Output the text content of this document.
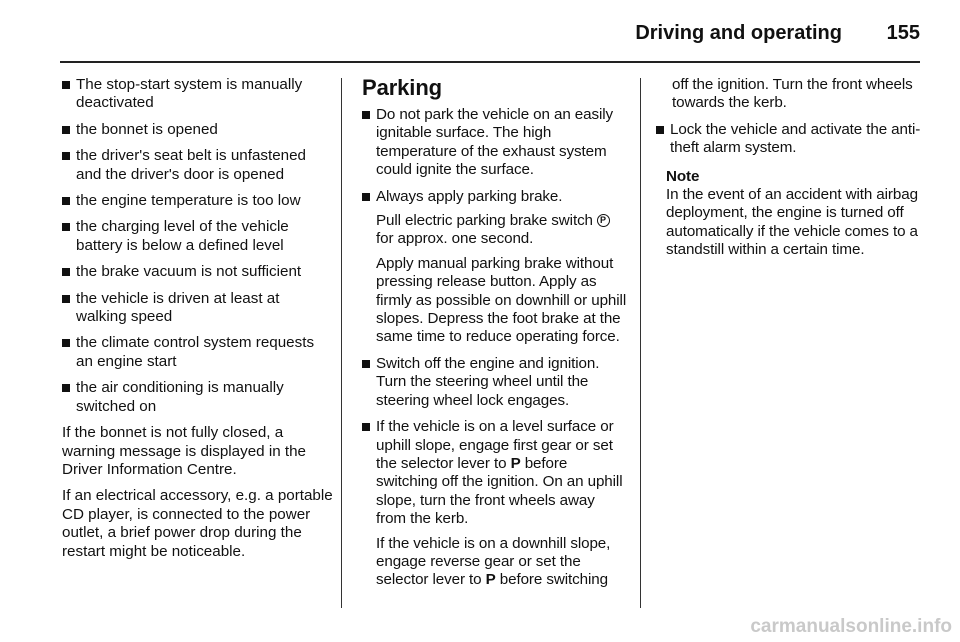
Driving and operating	155
The stop-start system is manually deactivated
the bonnet is opened
the driver's seat belt is unfastened and the driver's door is opened
the engine temperature is too low
the charging level of the vehicle battery is below a defined level
the brake vacuum is not sufficient
the vehicle is driven at least at walking speed
the climate control system requests an engine start
the air conditioning is manually switched on

If the bonnet is not fully closed, a warning message is displayed in the Driver Information Centre.

If an electrical accessory, e.g. a portable CD player, is connected to the power outlet, a brief power drop during the restart might be noticeable.

Parking
Do not park the vehicle on an easily ignitable surface. The high temperature of the exhaust system could ignite the surface.
Always apply parking brake.
Pull electric parking brake switch P for approx. one second.
Apply manual parking brake without pressing release button. Apply as firmly as possible on downhill or uphill slopes. Depress the foot brake at the same time to reduce operating force.
Switch off the engine and ignition. Turn the steering wheel until the steering wheel lock engages.
If the vehicle is on a level surface or uphill slope, engage first gear or set the selector lever to P before switching off the ignition. On an uphill slope, turn the front wheels away from the kerb.
If the vehicle is on a downhill slope, engage reverse gear or set the selector lever to P before switching
off the ignition. Turn the front wheels towards the kerb.
Lock the vehicle and activate the anti-theft alarm system.
Note
In the event of an accident with airbag deployment, the engine is turned off automatically if the vehicle comes to a standstill within a certain time.
carmanualsonline.info
